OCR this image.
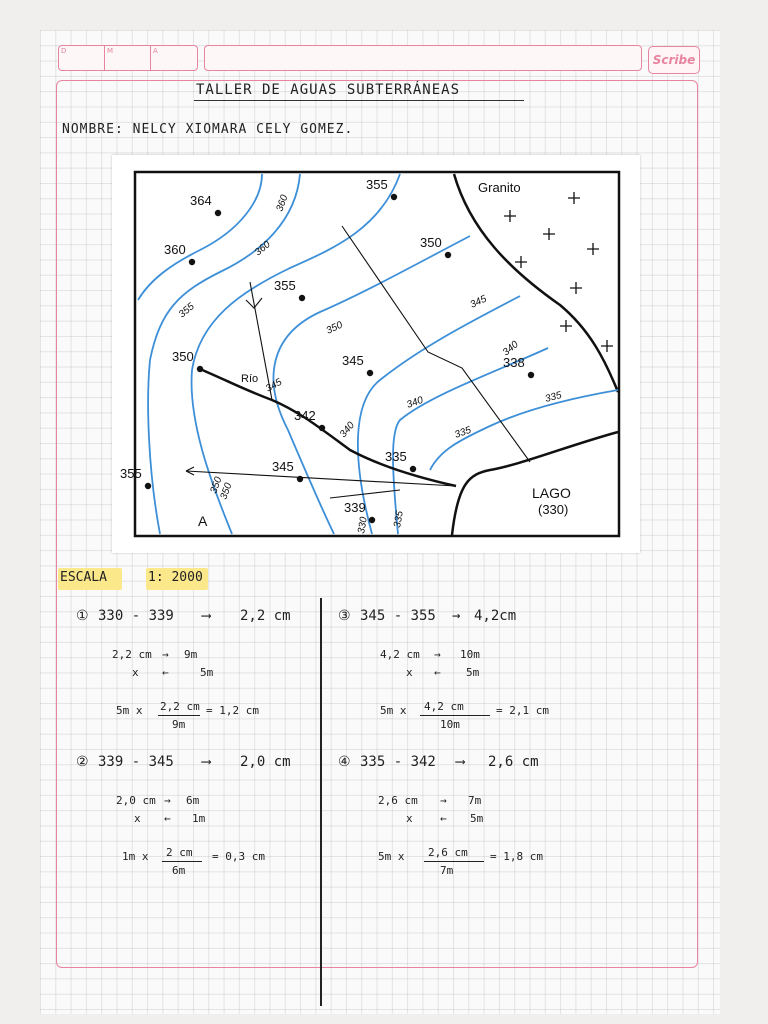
D	M	A
Scribe
TALLER DE AGUAS SUBTERRÁNEAS
NOMBRE: NELCY XIOMARA CELY GOMEZ.
364
360
355
350
355
345	338
350
342
335
355	345
339
Granito
LAGO
(330)
Río
A
360
360
355
350
345
340
345
340
335
340	335
350
350
335
330
ESCALA	1: 2000
① 330 - 339 ⟶ 2,2 cm
2,2 cm → 9m
x ←	5m
5m x 2,2 cm
9m
= 1,2 cm
② 339 - 345 ⟶ 2,0 cm
2,0 cm → 6m
x ← 1m
1m x 2 cm
6m
= 0,3 cm
③ 345 - 355 → 4,2cm
4,2 cm → 10m
x ← 5m
5m x 4,2 cm
10m
= 2,1 cm
④ 335 - 342 ⟶ 2,6 cm
2,6 cm → 7m
x ← 5m
5m x 2,6 cm
7m
= 1,8 cm
